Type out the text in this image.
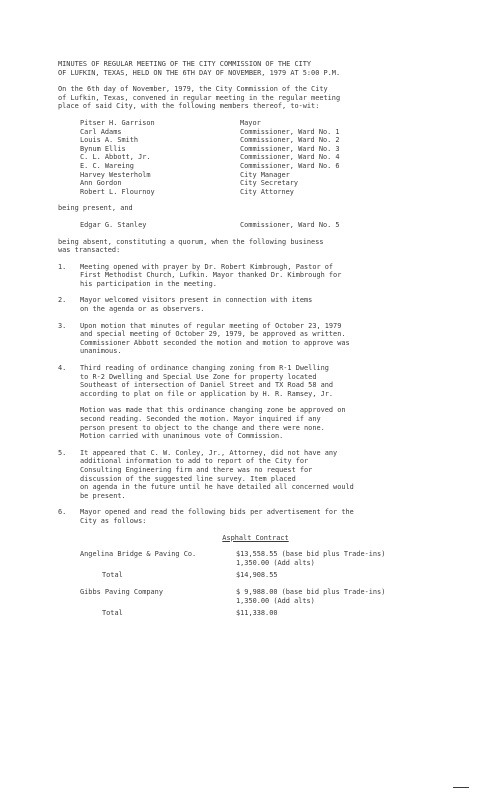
MINUTES OF REGULAR MEETING OF THE CITY COMMISSION OF THE CITY
OF LUFKIN, TEXAS, HELD ON THE 6TH DAY OF NOVEMBER, 1979 AT 5:00 P.M.
On the 6th day of November, 1979, the City Commission of the City
of Lufkin, Texas, convened in regular meeting in the regular meeting
place of said City, with the following members thereof, to-wit:
Pitser H. Garrison	Mayor
Carl Adams	Commissioner, Ward No. 1
Louis A. Smith	Commissioner, Ward No. 2
Bynum Ellis	Commissioner, Ward No. 3
C. L. Abbott, Jr.	Commissioner, Ward No. 4
E. C. Wareing	Commissioner, Ward No. 6
Harvey Westerholm	City Manager
Ann Gordon	City Secretary
Robert L. Flournoy	City Attorney
being present, and
Edgar G. Stanley	Commissioner, Ward No. 5
being absent, constituting a quorum, when the following business
was transacted:
1.	Meeting opened with prayer by Dr. Robert Kimbrough, Pastor of
First Methodist Church, Lufkin. Mayor thanked Dr. Kimbrough for
his participation in the meeting.
2.	Mayor welcomed visitors present in connection with items
on the agenda or as observers.
3.	Upon motion that minutes of regular meeting of October 23, 1979
and special meeting of October 29, 1979, be approved as written.
Commissioner Abbott seconded the motion and motion to approve was
unanimous.
4.	Third reading of ordinance changing zoning from R-1 Dwelling
to R-2 Dwelling and Special Use Zone for property located
Southeast of intersection of Daniel Street and TX Road 58 and
according to plat on file or application by H. R. Ramsey, Jr.
Motion was made that this ordinance changing zone be approved on
second reading. Seconded the motion. Mayor inquired if any
person present to object to the change and there were none.
Motion carried with unanimous vote of Commission.
5.	It appeared that C. W. Conley, Jr., Attorney, did not have any
additional information to add to report of the City for
Consulting Engineering firm and there was no request for
discussion of the suggested line survey. Item placed
on agenda in the future until he have detailed all concerned would
be present.
6.	Mayor opened and read the following bids per advertisement for the
City as follows:
Asphalt Contract
Angelina Bridge & Paving Co.	$13,558.55 (base bid plus Trade-ins)
1,350.00 (Add alts)
Total	$14,908.55
Gibbs Paving Company	$ 9,988.00 (base bid plus Trade-ins)
1,350.00 (Add alts)
Total	$11,338.00
